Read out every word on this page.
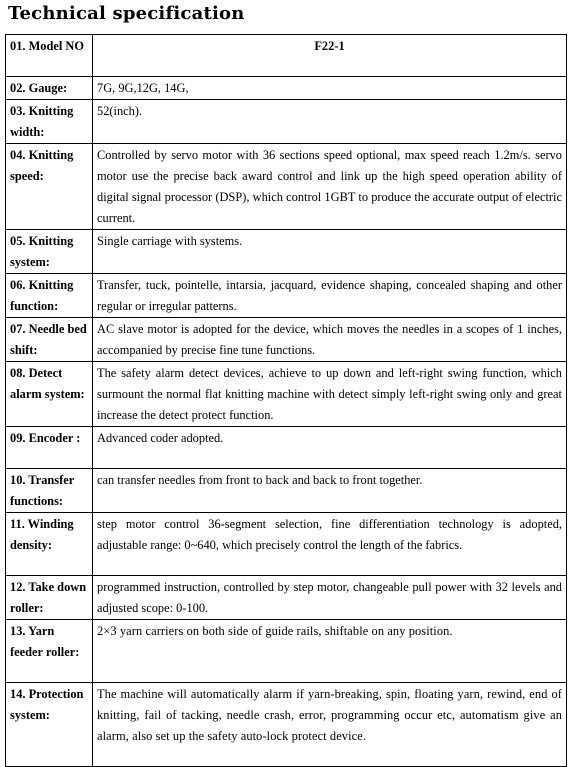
Technical specification
01. Model NO	F22-1
02. Gauge:	7G, 9G,12G, 14G,
03. Knitting width:	52(inch).
04. Knitting speed:	Controlled by servo motor with 36 sections speed optional, max speed reach 1.2m/s. servo motor use the precise back award control and link up the high speed operation ability of digital signal processor (DSP), which control 1GBT to produce the accurate output of electric current.
05. Knitting system:	Single carriage with systems.
06. Knitting function:	Transfer, tuck, pointelle, intarsia, jacquard, evidence shaping, concealed shaping and other regular or irregular patterns.
07. Needle bed shift:	AC slave motor is adopted for the device, which moves the needles in a scopes of 1 inches, accompanied by precise fine tune functions.
08. Detect alarm system:	The safety alarm detect devices, achieve to up down and left-right swing function, which surmount the normal flat knitting machine with detect simply left-right swing only and great increase the detect protect function.
09. Encoder :	Advanced coder adopted.
10. Transfer functions:	can transfer needles from front to back and back to front together.
11. Winding density:	step motor control 36-segment selection, fine differentiation technology is adopted, adjustable range: 0~640, which precisely control the length of the fabrics.
12. Take down roller:	programmed instruction, controlled by step motor, changeable pull power with 32 levels and adjusted scope: 0-100.
13. Yarn feeder roller:	2×3 yarn carriers on both side of guide rails, shiftable on any position.
14. Protection system:	The machine will automatically alarm if yarn-breaking, spin, floating yarn, rewind, end of knitting, fail of tacking, needle crash, error, programming occur etc, automatism give an alarm, also set up the safety auto-lock protect device.
